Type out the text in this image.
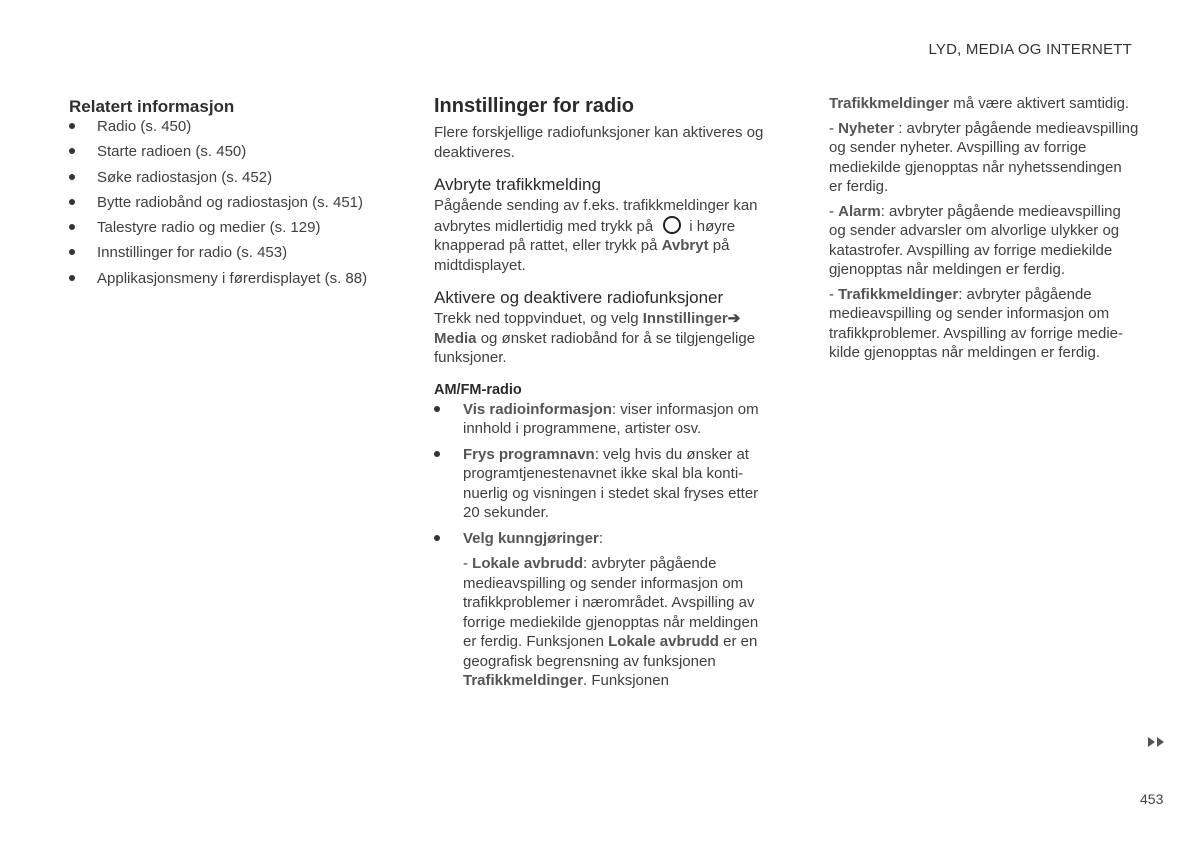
LYD, MEDIA OG INTERNETT
Relatert informasjon
Radio (s. 450)
Starte radioen (s. 450)
Søke radiostasjon (s. 452)
Bytte radiobånd og radiostasjon (s. 451)
Talestyre radio og medier (s. 129)
Innstillinger for radio (s. 453)
Applikasjonsmeny i førerdisplayet (s. 88)
Innstillinger for radio

Flere forskjellige radiofunksjoner kan aktiveres og deaktiveres.

Avbryte trafikkmelding

Pågående sending av f.eks. trafikkmeldinger kan avbrytes midlertidig med trykk på i høyre knapperad på rattet, eller trykk på Avbryt på midtdisplayet.

Aktivere og deaktivere radiofunksjoner

Trekk ned toppvinduet, og velg Innstillinger➔ Media og ønsket radiobånd for å se tilgjengelige funksjoner.

AM/FM-radio
Vis radioinformasjon: viser informasjon om innhold i programmene, artister osv.
Frys programnavn: velg hvis du ønsker at programtjenestenavnet ikke skal bla kontinuerlig og visningen i stedet skal fryses etter 20 sekunder.
Velg kunngjøringer:

- Lokale avbrudd: avbryter pågående medieavspilling og sender informasjon om trafikkproblemer i nærområdet. Avspilling av forrige mediekilde gjenopptas når meldingen er ferdig. Funksjonen Lokale avbrudd er en geografisk begrensning av funksjonen Trafikkmeldinger. Funksjonen

Trafikkmeldinger må være aktivert samtidig.

- Nyheter : avbryter pågående medieavspilling og sender nyheter. Avspilling av forrige mediekilde gjenopptas når nyhetssendingen er ferdig.

- Alarm: avbryter pågående medieavspilling og sender advarsler om alvorlige ulykker og katastrofer. Avspilling av forrige mediekilde gjenopptas når meldingen er ferdig.

- Trafikkmeldinger: avbryter pågående medieavspilling og sender informasjon om trafikkproblemer. Avspilling av forrige mediekilde gjenopptas når meldingen er ferdig.

453
